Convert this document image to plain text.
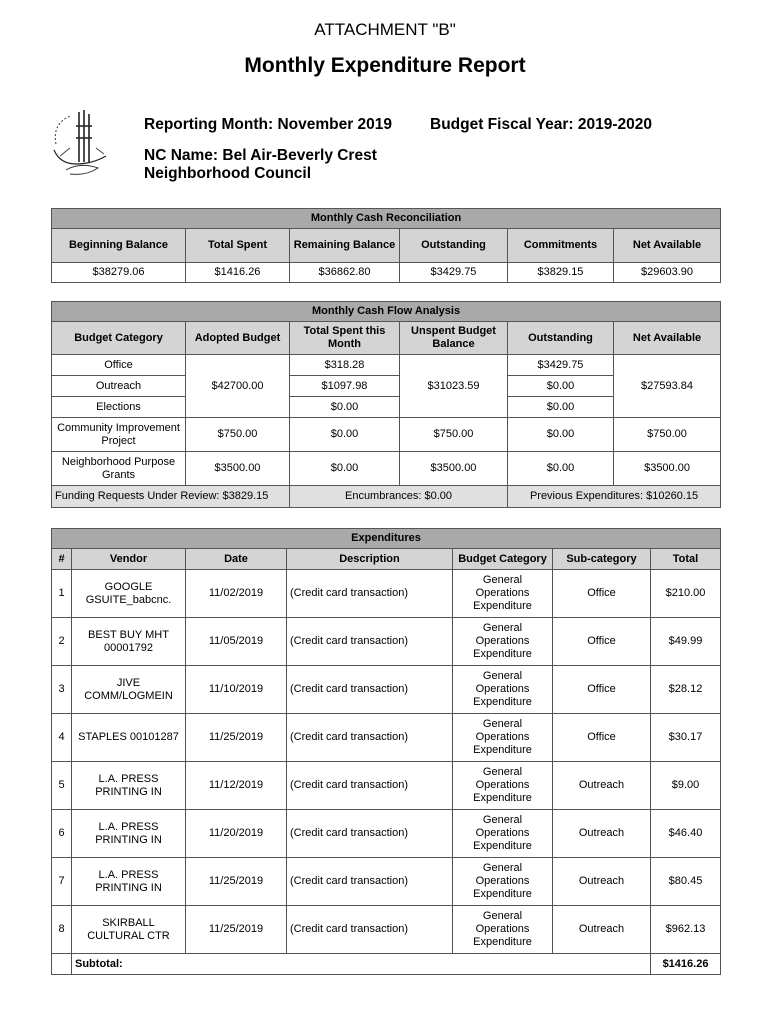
ATTACHMENT "B"
Monthly Expenditure Report
Reporting Month: November 2019 Budget Fiscal Year: 2019-2020
NC Name: Bel Air-Beverly Crest
Neighborhood Council
Monthly Cash Reconciliation					
Beginning Balance	Total Spent	Remaining Balance	Outstanding	Commitments	Net Available
$38279.06	$1416.26	$36862.80	$3429.75	$3829.15	$29603.90
Monthly Cash Flow Analysis					
Budget Category	Adopted Budget	Total Spent this Month	Unspent Budget Balance	Outstanding	Net Available
Office	$42700.00	$318.28	$31023.59	$3429.75	$27593.84
Outreach		$1097.98		$0.00	
Elections		$0.00		$0.00	
Community Improvement Project	$750.00	$0.00	$750.00	$0.00	$750.00
Neighborhood Purpose Grants	$3500.00	$0.00	$3500.00	$0.00	$3500.00
Funding Requests Under Review: $3829.15		Encumbrances: $0.00		Previous Expenditures: $10260.15	
Expenditures						
#	Vendor	Date	Description	Budget Category	Sub-category	Total
1	GOOGLE GSUITE_babcnc.	11/02/2019	(Credit card transaction)	General Operations Expenditure	Office	$210.00
2	BEST BUY MHT 00001792	11/05/2019	(Credit card transaction)	General Operations Expenditure	Office	$49.99
3	JIVE COMM/LOGMEIN	11/10/2019	(Credit card transaction)	General Operations Expenditure	Office	$28.12
4	STAPLES 00101287	11/25/2019	(Credit card transaction)	General Operations Expenditure	Office	$30.17
5	L.A. PRESS PRINTING IN	11/12/2019	(Credit card transaction)	General Operations Expenditure	Outreach	$9.00
6	L.A. PRESS PRINTING IN	11/20/2019	(Credit card transaction)	General Operations Expenditure	Outreach	$46.40
7	L.A. PRESS PRINTING IN	11/25/2019	(Credit card transaction)	General Operations Expenditure	Outreach	$80.45
8	SKIRBALL CULTURAL CTR	11/25/2019	(Credit card transaction)	General Operations Expenditure	Outreach	$962.13
	Subtotal:					$1416.26
